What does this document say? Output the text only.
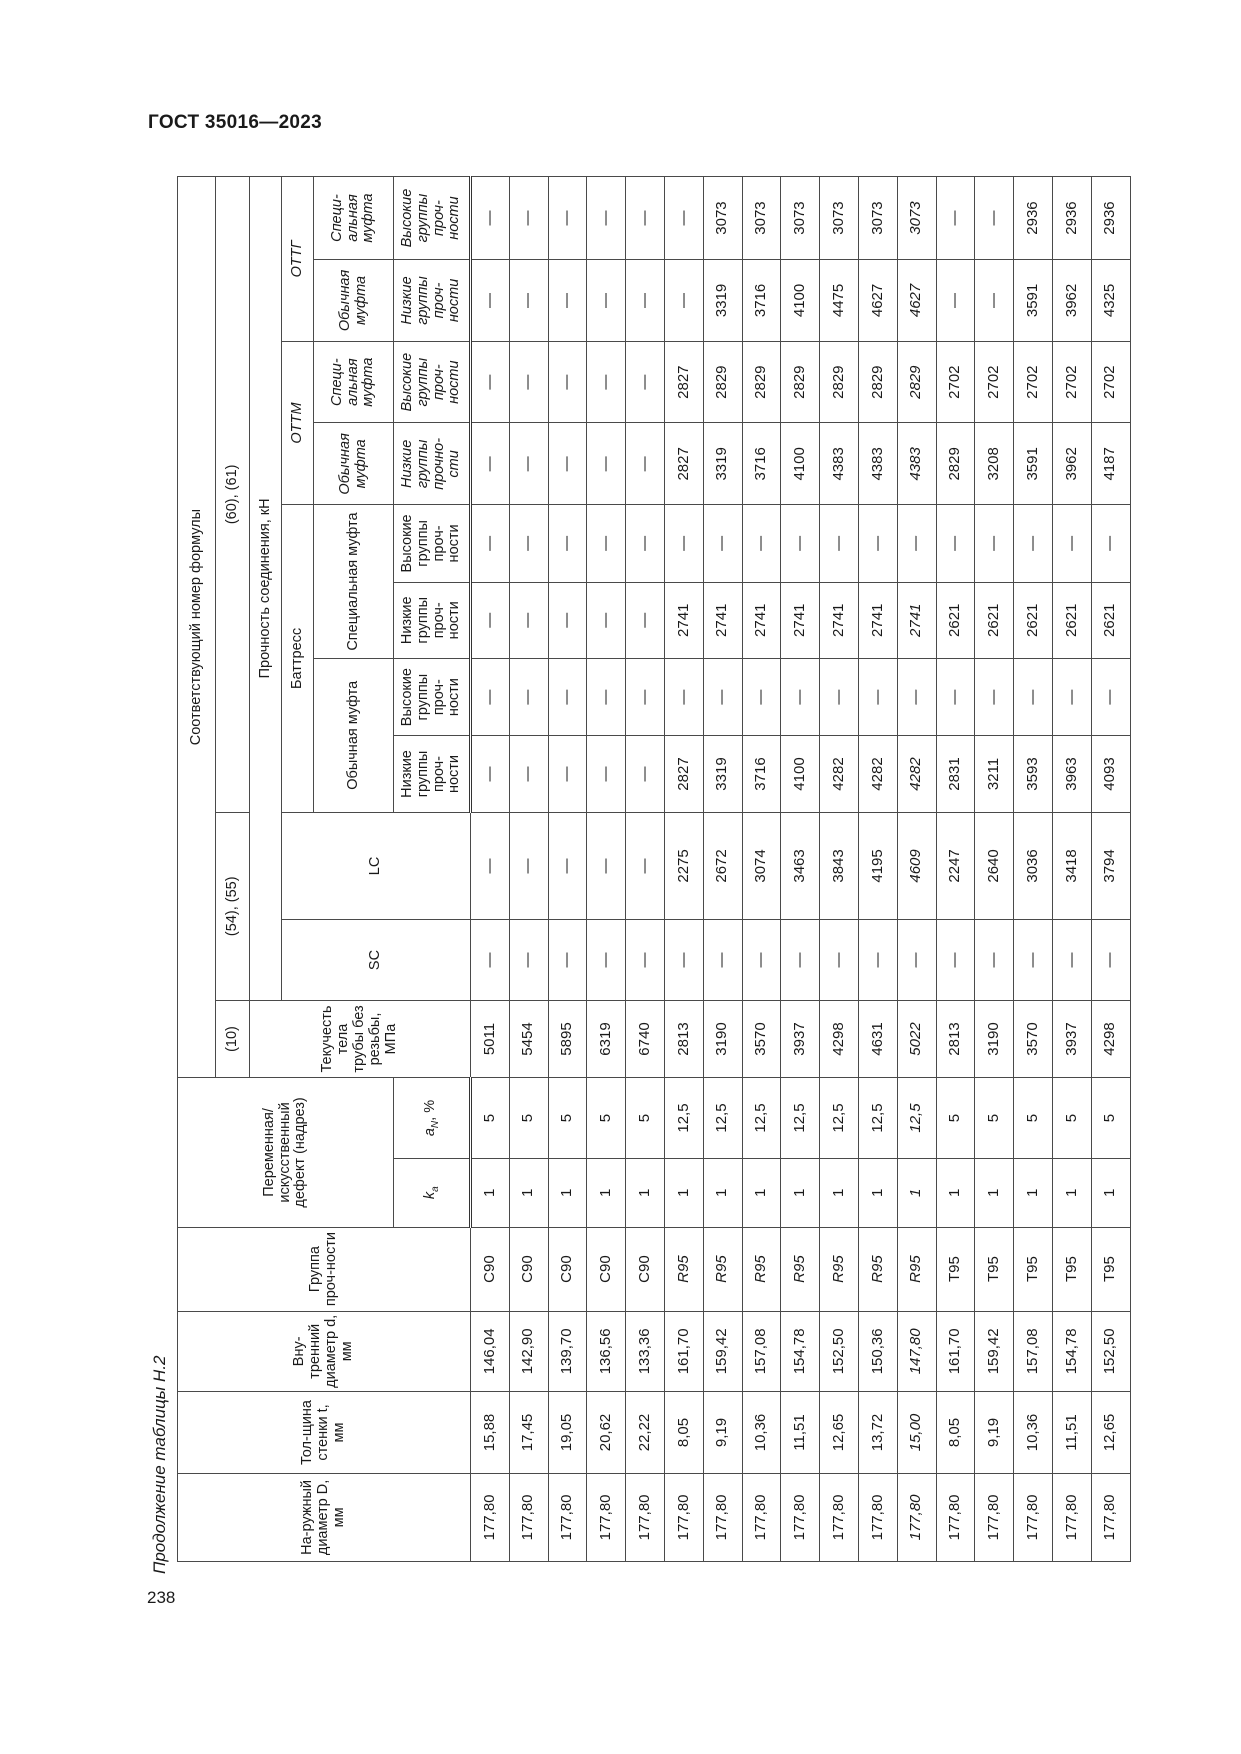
ГОСТ 35016—2023
238
Продолжение таблицы Н.2	На-ружный диаметр D, мм	Тол-щина стенки t, мм	Вну-тренний диаметр d, мм	Группа проч-ности	Переменная/ искусственный дефект (надрез)		Соответствующий номер формулы										
						(10)	(54), (55)		(60), (61)							
						Текучесть тела трубы без резьбы, МПа	Прочность соединения, кН									
							SC	LC	Баттресс				ОТТМ		ОТТГ	
									Обычная муфта		Специальная муфта		Обычная муфта	Специ-альная муфта	Обычная муфта	Специ-альная муфта
				$k_a$	$a_N$, %				Низкие группы проч-ности	Высокие группы проч-ности	Низкие группы проч-ности	Высокие группы проч-ности	Низкие группы прочно-сти	Высокие группы проч-ности	Низкие группы проч-ности	Высокие группы проч-ности
177,80	15,88	146,04	C90	1	5	5011	—	—	—	—	—	—	—	—	—	—
177,80	17,45	142,90	C90	1	5	5454	—	—	—	—	—	—	—	—	—	—
177,80	19,05	139,70	C90	1	5	5895	—	—	—	—	—	—	—	—	—	—
177,80	20,62	136,56	C90	1	5	6319	—	—	—	—	—	—	—	—	—	—
177,80	22,22	133,36	C90	1	5	6740	—	—	—	—	—	—	—	—	—	—
177,80	8,05	161,70	R95	1	12,5	2813	—	2275	2827	—	2741	—	2827	2827	—	—
177,80	9,19	159,42	R95	1	12,5	3190	—	2672	3319	—	2741	—	3319	2829	3319	3073
177,80	10,36	157,08	R95	1	12,5	3570	—	3074	3716	—	2741	—	3716	2829	3716	3073
177,80	11,51	154,78	R95	1	12,5	3937	—	3463	4100	—	2741	—	4100	2829	4100	3073
177,80	12,65	152,50	R95	1	12,5	4298	—	3843	4282	—	2741	—	4383	2829	4475	3073
177,80	13,72	150,36	R95	1	12,5	4631	—	4195	4282	—	2741	—	4383	2829	4627	3073
177,80	15,00	147,80	R95	1	12,5	5022	—	4609	4282	—	2741	—	4383	2829	4627	3073
177,80	8,05	161,70	T95	1	5	2813	—	2247	2831	—	2621	—	2829	2702	—	—
177,80	9,19	159,42	T95	1	5	3190	—	2640	3211	—	2621	—	3208	2702	—	—
177,80	10,36	157,08	T95	1	5	3570	—	3036	3593	—	2621	—	3591	2702	3591	2936
177,80	11,51	154,78	T95	1	5	3937	—	3418	3963	—	2621	—	3962	2702	3962	2936
177,80	12,65	152,50	T95	1	5	4298	—	3794	4093	—	2621	—	4187	2702	4325	2936
